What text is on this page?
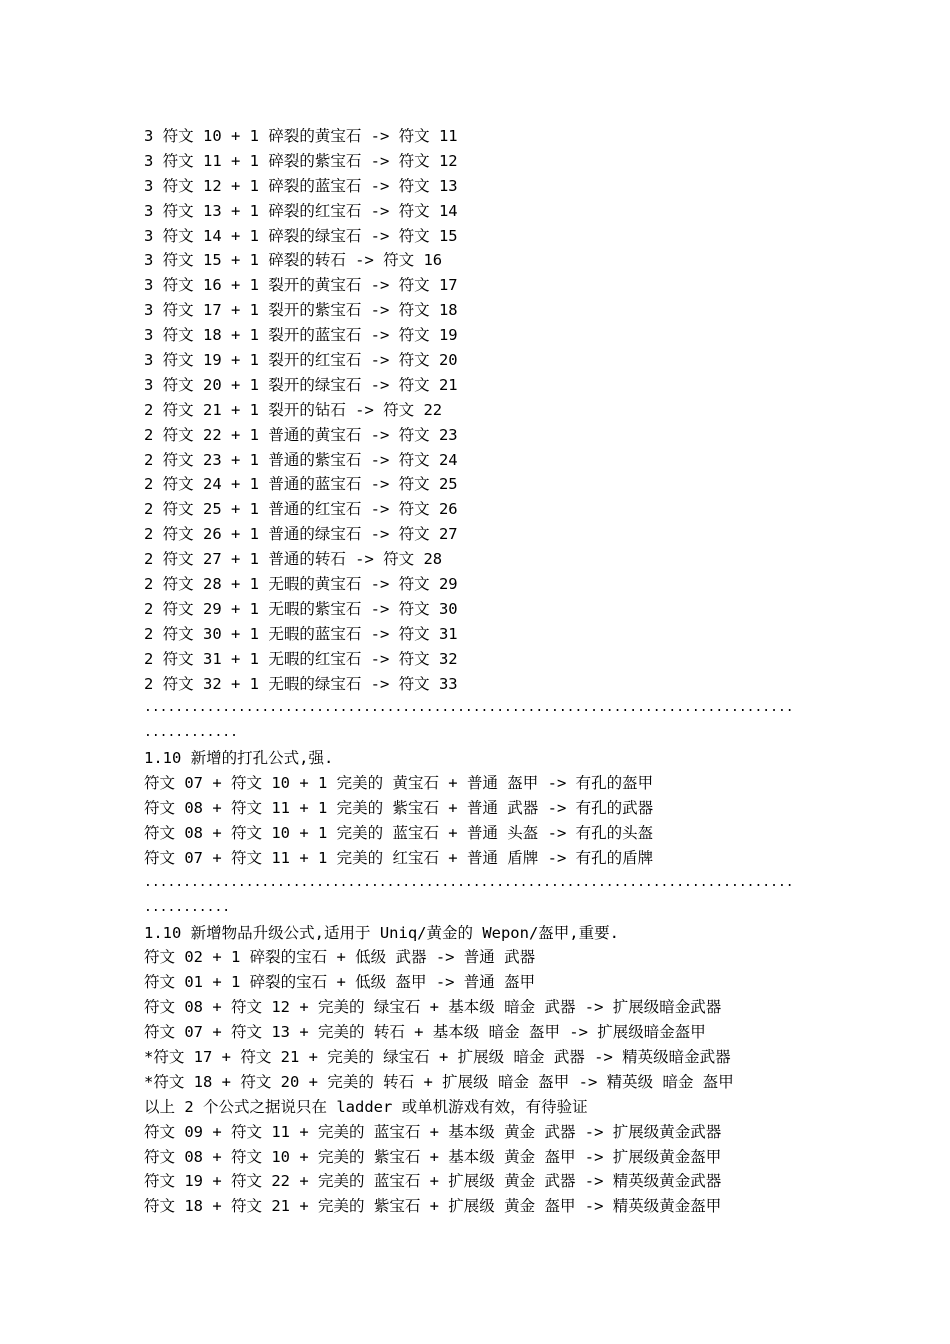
3 符文 10 + 1 碎裂的黄宝石 -> 符文 11
3 符文 11 + 1 碎裂的紫宝石 -> 符文 12
3 符文 12 + 1 碎裂的蓝宝石 -> 符文 13
3 符文 13 + 1 碎裂的红宝石 -> 符文 14
3 符文 14 + 1 碎裂的绿宝石 -> 符文 15
3 符文 15 + 1 碎裂的转石 -> 符文 16
3 符文 16 + 1 裂开的黄宝石 -> 符文 17
3 符文 17 + 1 裂开的紫宝石 -> 符文 18
3 符文 18 + 1 裂开的蓝宝石 -> 符文 19
3 符文 19 + 1 裂开的红宝石 -> 符文 20
3 符文 20 + 1 裂开的绿宝石 -> 符文 21
2 符文 21 + 1 裂开的钻石 -> 符文 22
2 符文 22 + 1 普通的黄宝石 -> 符文 23
2 符文 23 + 1 普通的紫宝石 -> 符文 24
2 符文 24 + 1 普通的蓝宝石 -> 符文 25
2 符文 25 + 1 普通的红宝石 -> 符文 26
2 符文 26 + 1 普通的绿宝石 -> 符文 27
2 符文 27 + 1 普通的转石 -> 符文 28
2 符文 28 + 1 无暇的黄宝石 -> 符文 29
2 符文 29 + 1 无暇的紫宝石 -> 符文 30
2 符文 30 + 1 无暇的蓝宝石 -> 符文 31
2 符文 31 + 1 无暇的红宝石 -> 符文 32
2 符文 32 + 1 无暇的绿宝石 -> 符文 33
...................................................................................
............
1.10 新增的打孔公式,强.
符文 07 + 符文 10 + 1 完美的 黄宝石 + 普通 盔甲 -> 有孔的盔甲
符文 08 + 符文 11 + 1 完美的 紫宝石 + 普通 武器 -> 有孔的武器
符文 08 + 符文 10 + 1 完美的 蓝宝石 + 普通 头盔 -> 有孔的头盔
符文 07 + 符文 11 + 1 完美的 红宝石 + 普通 盾牌 -> 有孔的盾牌
...................................................................................
...........
1.10 新增物品升级公式,适用于 Uniq/黄金的 Wepon/盔甲,重要.
符文 02 + 1 碎裂的宝石 + 低级 武器 -> 普通 武器
符文 01 + 1 碎裂的宝石 + 低级 盔甲 -> 普通 盔甲
符文 08 + 符文 12 + 完美的 绿宝石 + 基本级 暗金 武器 -> 扩展级暗金武器
符文 07 + 符文 13 + 完美的 转石 + 基本级 暗金 盔甲 -> 扩展级暗金盔甲
*符文 17 + 符文 21 + 完美的 绿宝石 + 扩展级 暗金 武器 -> 精英级暗金武器
*符文 18 + 符文 20 + 完美的 转石 + 扩展级 暗金 盔甲 -> 精英级 暗金 盔甲
以上 2 个公式之据说只在 ladder 或单机游戏有效，有待验证
符文 09 + 符文 11 + 完美的 蓝宝石 + 基本级 黄金 武器 -> 扩展级黄金武器
符文 08 + 符文 10 + 完美的 紫宝石 + 基本级 黄金 盔甲 -> 扩展级黄金盔甲
符文 19 + 符文 22 + 完美的 蓝宝石 + 扩展级 黄金 武器 -> 精英级黄金武器
符文 18 + 符文 21 + 完美的 紫宝石 + 扩展级 黄金 盔甲 -> 精英级黄金盔甲
